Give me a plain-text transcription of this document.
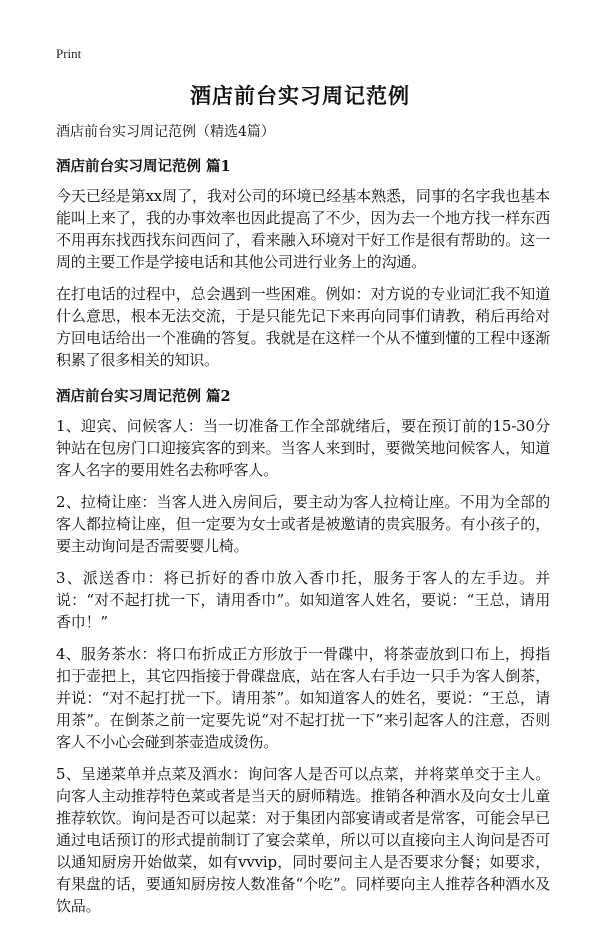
Print
酒店前台实习周记范例
酒店前台实习周记范例（精选4篇）
酒店前台实习周记范例 篇1

今天已经是第xx周了，我对公司的环境已经基本熟悉，同事的名字我也基本能叫上来了，我的办事效率也因此提高了不少，因为去一个地方找一样东西不用再东找西找东问西问了，看来融入环境对干好工作是很有帮助的。这一周的主要工作是学接电话和其他公司进行业务上的沟通。

在打电话的过程中，总会遇到一些困难。例如：对方说的专业词汇我不知道什么意思，根本无法交流，于是只能先记下来再向同事们请教，稍后再给对方回电话给出一个准确的答复。我就是在这样一个从不懂到懂的工程中逐渐积累了很多相关的知识。

酒店前台实习周记范例 篇2

1、迎宾、问候客人：当一切准备工作全部就绪后，要在预订前的15-30分钟站在包房门口迎接宾客的到来。当客人来到时，要微笑地问候客人，知道客人名字的要用姓名去称呼客人。

2、拉椅让座：当客人进入房间后，要主动为客人拉椅让座。不用为全部的客人都拉椅让座，但一定要为女士或者是被邀请的贵宾服务。有小孩子的，要主动询问是否需要婴儿椅。

3、派送香巾：将已折好的香巾放入香巾托，服务于客人的左手边。并说：“对不起打扰一下，请用香巾”。如知道客人姓名，要说：“王总，请用香巾！”

4、服务茶水：将口布折成正方形放于一骨碟中，将茶壶放到口布上，拇指扣于壶把上，其它四指接于骨碟盘底，站在客人右手边一只手为客人倒茶，并说：“对不起打扰一下。请用茶”。如知道客人的姓名，要说：“王总，请用茶”。在倒茶之前一定要先说“对不起打扰一下”来引起客人的注意，否则客人不小心会碰到茶壶造成烫伤。

5、呈递菜单并点菜及酒水：询问客人是否可以点菜，并将菜单交于主人。向客人主动推荐特色菜或者是当天的厨师精选。推销各种酒水及向女士儿童推荐软饮。询问是否可以起菜：对于集团内部宴请或者是常客，可能会早已通过电话预订的形式提前制订了宴会菜单，所以可以直接向主人询问是否可以通知厨房开始做菜，如有vvvip，同时要问主人是否要求分餐；如要求，有果盘的话，要通知厨房按人数准备“个吃”。同样要向主人推荐各种酒水及饮品。
